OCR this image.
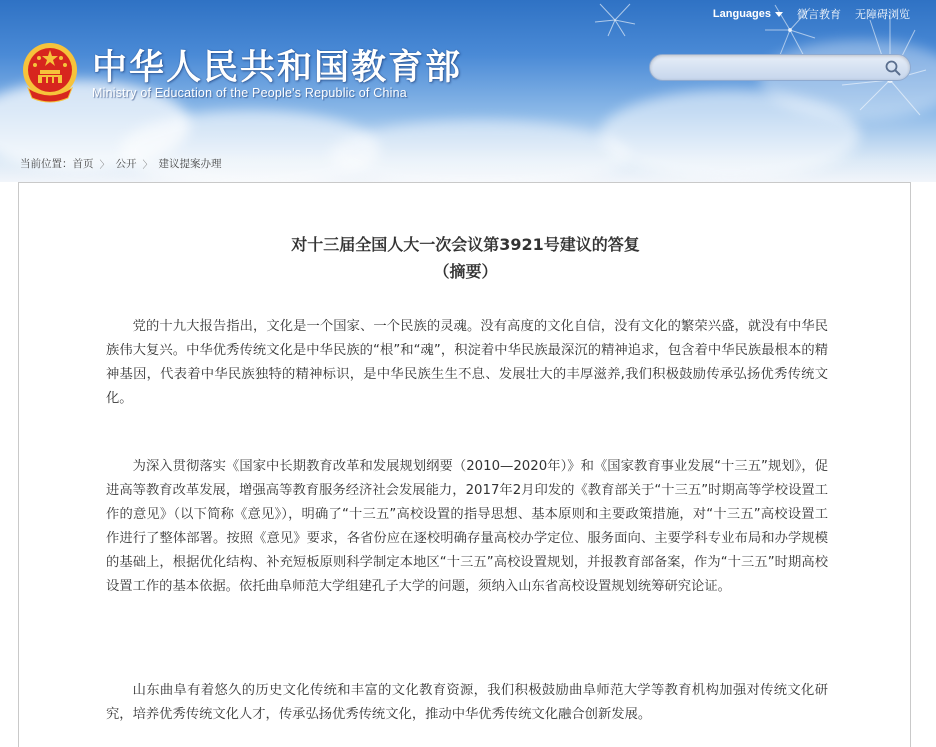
Languages 微言教育 无障碍浏览
中华人民共和国教育部
Ministry of Education of the People's Republic of China
当前位置： 首页 〉 公开 〉 建议提案办理
对十三届全国人大一次会议第3921号建议的答复
（摘要）

党的十九大报告指出，文化是一个国家、一个民族的灵魂。没有高度的文化自信，没有文化的繁荣兴盛，就没有中华民族伟大复兴。中华优秀传统文化是中华民族的“根”和“魂”，积淀着中华民族最深沉的精神追求，包含着中华民族最根本的精神基因，代表着中华民族独特的精神标识，是中华民族生生不息、发展壮大的丰厚滋养,我们积极鼓励传承弘扬优秀传统文化。

为深入贯彻落实《国家中长期教育改革和发展规划纲要（2010—2020年）》和《国家教育事业发展“十三五”规划》，促进高等教育改革发展，增强高等教育服务经济社会发展能力，2017年2月印发的《教育部关于“十三五”时期高等学校设置工作的意见》（以下简称《意见》），明确了“十三五”高校设置的指导思想、基本原则和主要政策措施，对“十三五”高校设置工作进行了整体部署。按照《意见》要求，各省份应在逐校明确存量高校办学定位、服务面向、主要学科专业布局和办学规模的基础上，根据优化结构、补充短板原则科学制定本地区“十三五”高校设置规划，并报教育部备案，作为“十三五”时期高校设置工作的基本依据。依托曲阜师范大学组建孔子大学的问题，须纳入山东省高校设置规划统筹研究论证。

山东曲阜有着悠久的历史文化传统和丰富的文化教育资源，我们积极鼓励曲阜师范大学等教育机构加强对传统文化研究，培养优秀传统文化人才，传承弘扬优秀传统文化，推动中华优秀传统文化融合创新发展。
